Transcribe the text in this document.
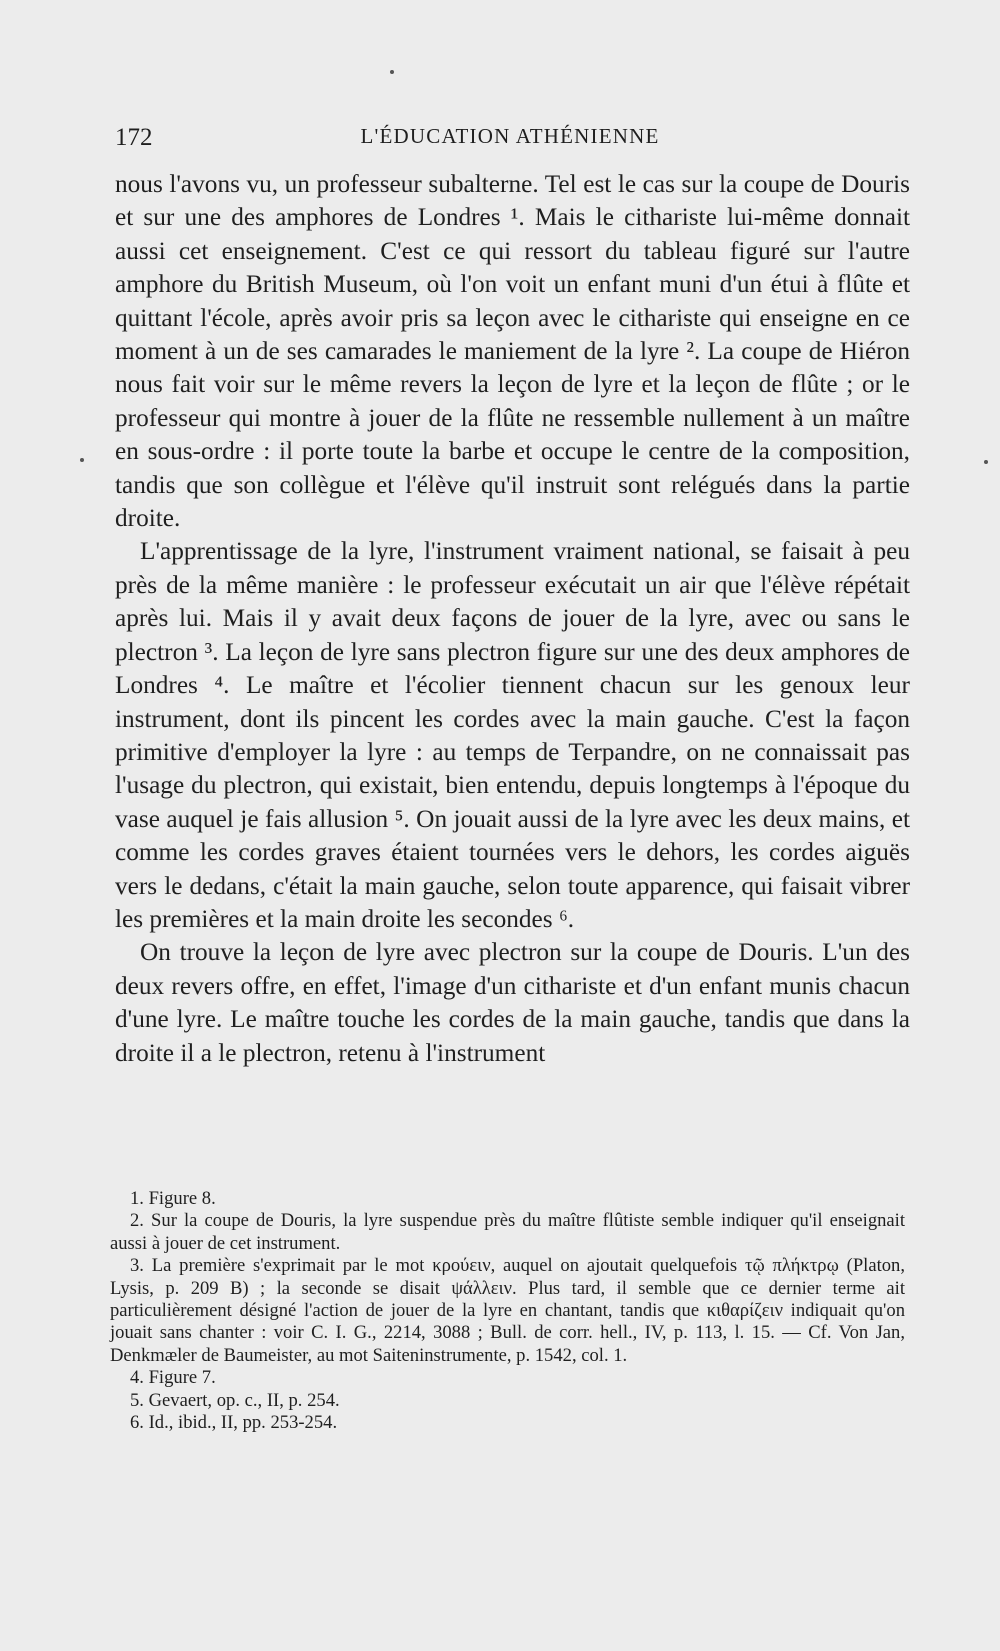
172	L'ÉDUCATION ATHÉNIENNE

nous l'avons vu, un professeur subalterne. Tel est le cas sur la coupe de Douris et sur une des amphores de Londres ¹. Mais le cithariste lui-même donnait aussi cet enseignement. C'est ce qui ressort du tableau figuré sur l'autre amphore du British Museum, où l'on voit un enfant muni d'un étui à flûte et quittant l'école, après avoir pris sa leçon avec le cithariste qui enseigne en ce moment à un de ses camarades le maniement de la lyre ². La coupe de Hiéron nous fait voir sur le même revers la leçon de lyre et la leçon de flûte ; or le professeur qui montre à jouer de la flûte ne ressemble nullement à un maître en sous-ordre : il porte toute la barbe et occupe le centre de la composition, tandis que son collègue et l'élève qu'il instruit sont relégués dans la partie droite.

L'apprentissage de la lyre, l'instrument vraiment national, se faisait à peu près de la même manière : le professeur exécutait un air que l'élève répétait après lui. Mais il y avait deux façons de jouer de la lyre, avec ou sans le plectron ³. La leçon de lyre sans plectron figure sur une des deux amphores de Londres ⁴. Le maître et l'écolier tiennent chacun sur les genoux leur instrument, dont ils pincent les cordes avec la main gauche. C'est la façon primitive d'employer la lyre : au temps de Terpandre, on ne connaissait pas l'usage du plectron, qui existait, bien entendu, depuis longtemps à l'époque du vase auquel je fais allusion ⁵. On jouait aussi de la lyre avec les deux mains, et comme les cordes graves étaient tournées vers le dehors, les cordes aiguës vers le dedans, c'était la main gauche, selon toute apparence, qui faisait vibrer les premières et la main droite les secondes ⁶.

On trouve la leçon de lyre avec plectron sur la coupe de Douris. L'un des deux revers offre, en effet, l'image d'un cithariste et d'un enfant munis chacun d'une lyre. Le maître touche les cordes de la main gauche, tandis que dans la droite il a le plectron, retenu à l'instrument

1. Figure 8.

2. Sur la coupe de Douris, la lyre suspendue près du maître flûtiste semble indiquer qu'il enseignait aussi à jouer de cet instrument.

3. La première s'exprimait par le mot κρούειν, auquel on ajoutait quelquefois τῷ πλήκτρῳ (Platon, Lysis, p. 209 B) ; la seconde se disait ψάλλειν. Plus tard, il semble que ce dernier terme ait particulièrement désigné l'action de jouer de la lyre en chantant, tandis que κιθαρίζειν indiquait qu'on jouait sans chanter : voir C. I. G., 2214, 3088 ; Bull. de corr. hell., IV, p. 113, l. 15. — Cf. Von Jan, Denkmæler de Baumeister, au mot Saiteninstrumente, p. 1542, col. 1.

4. Figure 7.

5. Gevaert, op. c., II, p. 254.

6. Id., ibid., II, pp. 253-254.
